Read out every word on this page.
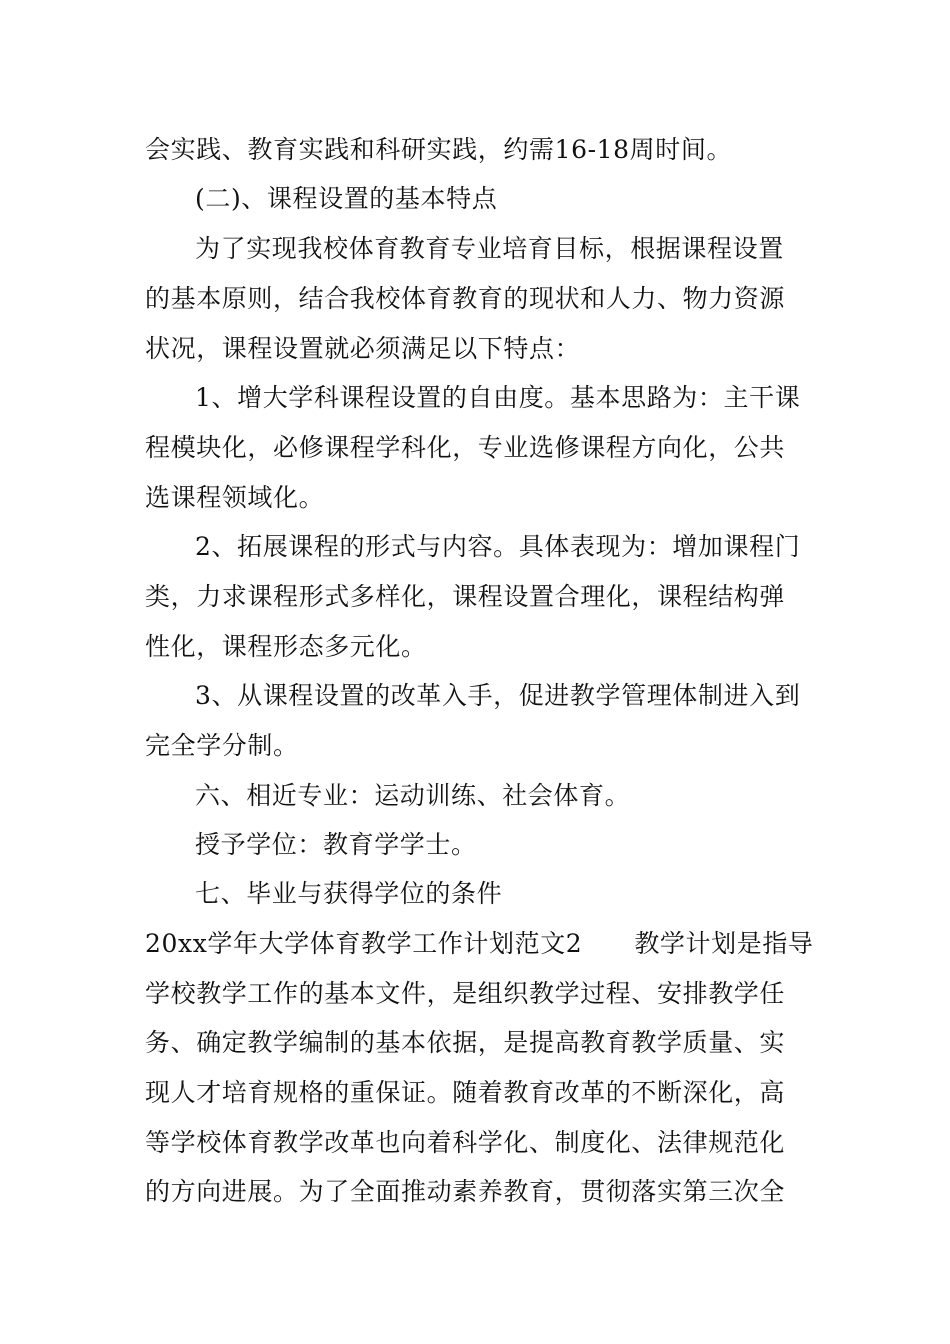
会实践、教育实践和科研实践，约需16-18周时间。
(二)、课程设置的基本特点
为了实现我校体育教育专业培育目标，根据课程设置
的基本原则，结合我校体育教育的现状和人力、物力资源
状况，课程设置就必须满足以下特点：
1、增大学科课程设置的自由度。基本思路为：主干课
程模块化，必修课程学科化，专业选修课程方向化，公共
选课程领域化。
2、拓展课程的形式与内容。具体表现为：增加课程门
类，力求课程形式多样化，课程设置合理化，课程结构弹
性化，课程形态多元化。
3、从课程设置的改革入手，促进教学管理体制进入到
完全学分制。
六、相近专业：运动训练、社会体育。
授予学位：教育学学士。
七、毕业与获得学位的条件
20xx学年大学体育教学工作计划范文2 教学计划是指导
学校教学工作的基本文件，是组织教学过程、安排教学任
务、确定教学编制的基本依据，是提高教育教学质量、实
现人才培育规格的重保证。随着教育改革的不断深化，高
等学校体育教学改革也向着科学化、制度化、法律规范化
的方向进展。为了全面推动素养教育，贯彻落实第三次全
